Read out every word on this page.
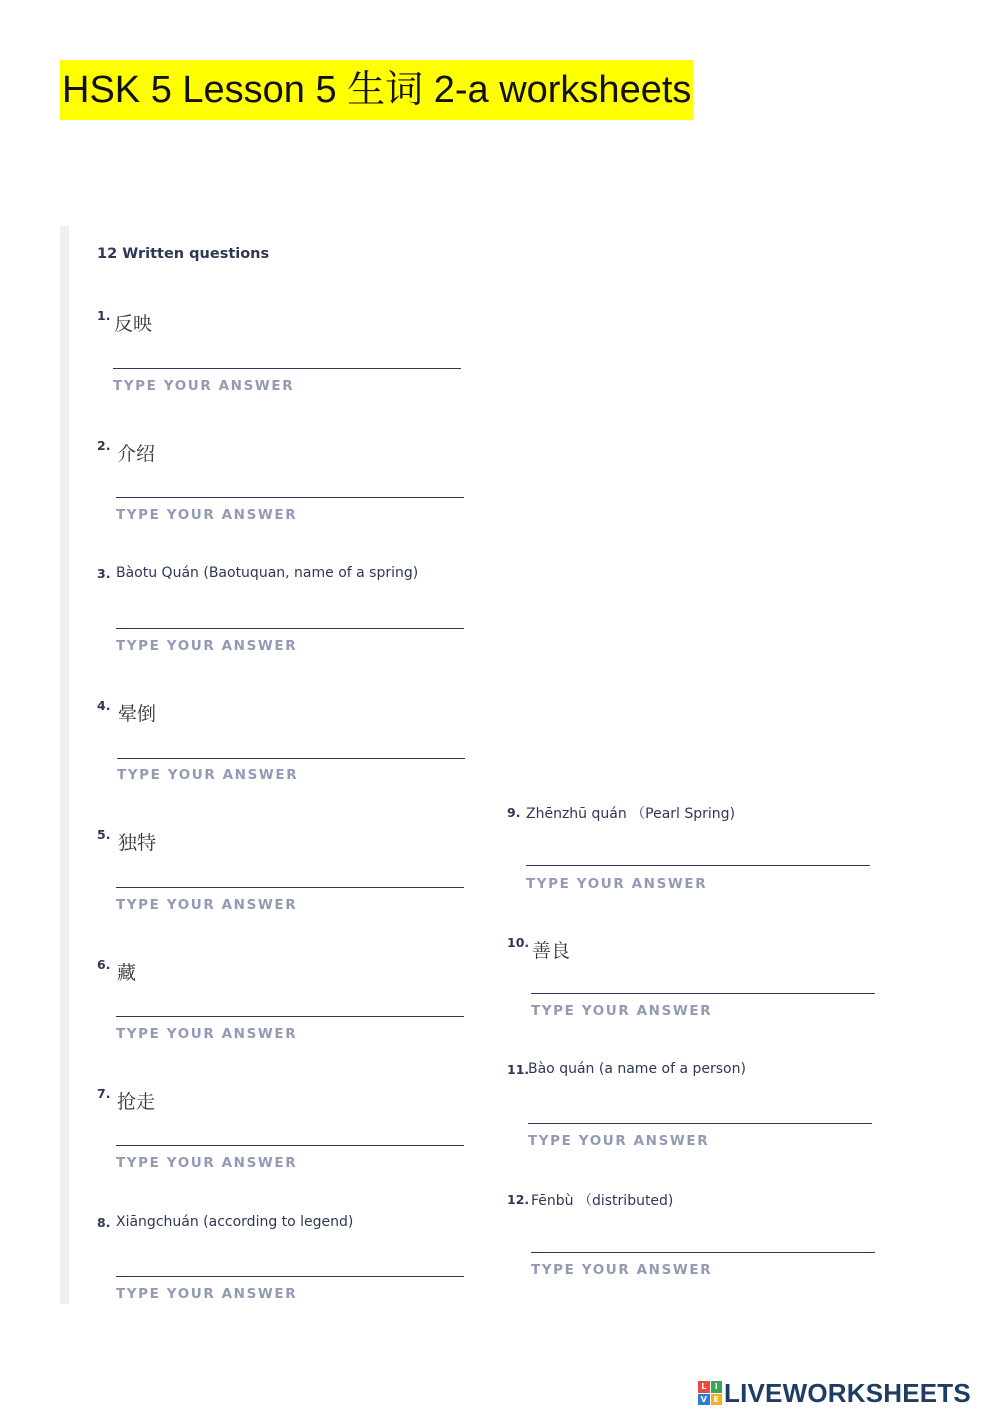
HSK 5 Lesson 5 生词 2-a worksheets
12 Written questions
1. 反映
TYPE YOUR ANSWER
2. 介绍
TYPE YOUR ANSWER
3. Bàotu Quán (Baotuquan, name of a spring)
TYPE YOUR ANSWER
4. 晕倒
TYPE YOUR ANSWER
5. 独特
TYPE YOUR ANSWER
6. 藏
TYPE YOUR ANSWER
7. 抢走
TYPE YOUR ANSWER
8. Xiāngchuán (according to legend)
TYPE YOUR ANSWER
9. Zhēnzhū quán （Pearl Spring)
TYPE YOUR ANSWER
10. 善良
TYPE YOUR ANSWER
11.
Bào quán (a name of a person)
TYPE YOUR ANSWER
12. Fēnbù （distributed)
TYPE YOUR ANSWER
L	I
V E LIVEWORKSHEETS
